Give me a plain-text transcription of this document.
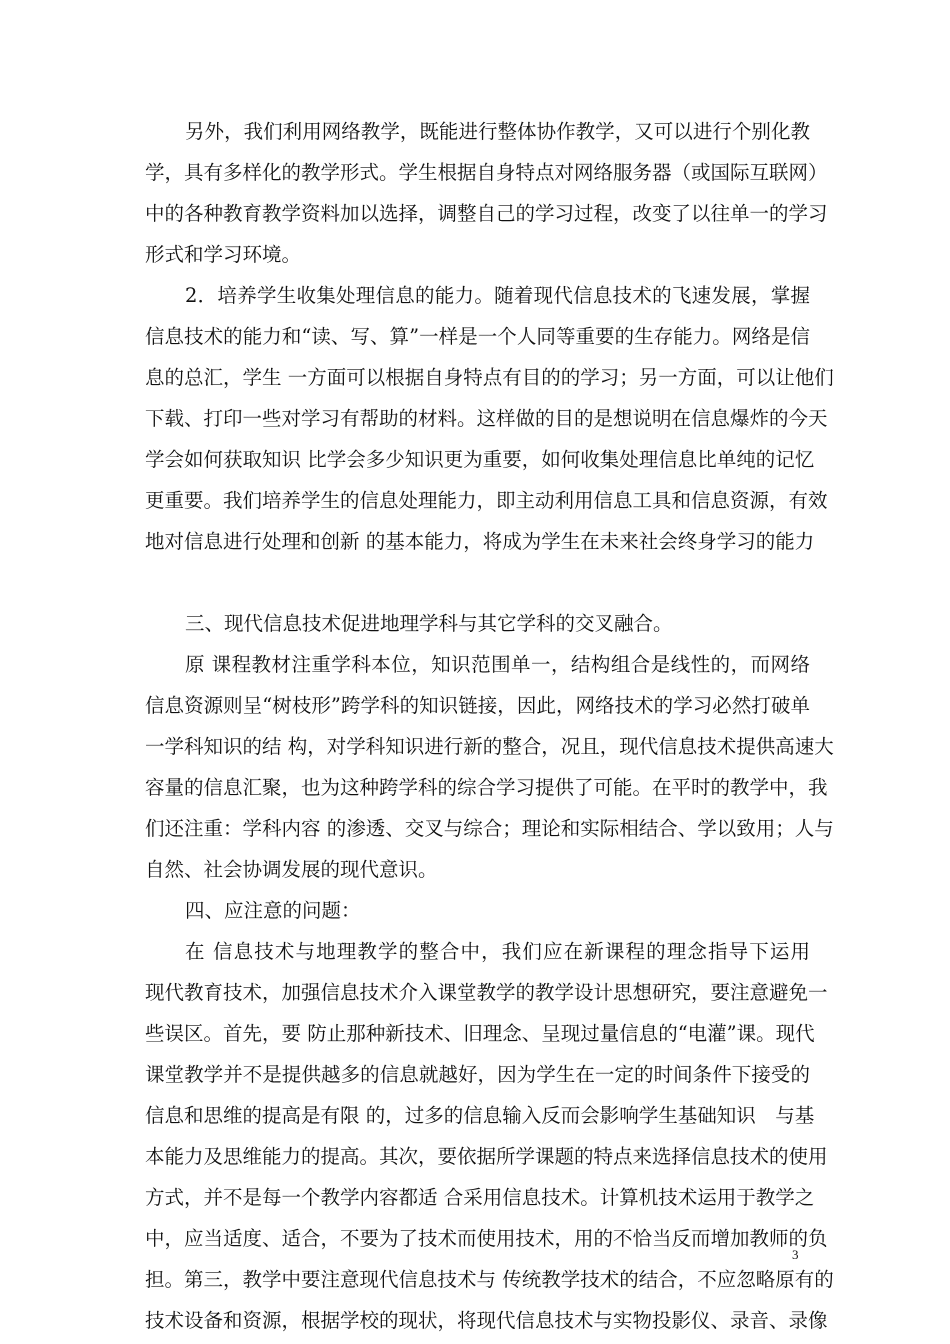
另外，我们利用网络教学，既能进行整体协作教学，又可以进行个别化教
学，具有多样化的教学形式。学生根据自身特点对网络服务器（或国际互联网）
中的各种教育教学资料加以选择，调整自己的学习过程，改变了以往单一的学习
形式和学习环境。
2．培养学生收集处理信息的能力。随着现代信息技术的飞速发展，掌握
信息技术的能力和“读、写、算”一样是一个人同等重要的生存能力。网络是信
息的总汇，学生 一方面可以根据自身特点有目的的学习；另一方面，可以让他们
下载、打印一些对学习有帮助的材料。这样做的目的是想说明在信息爆炸的今天
学会如何获取知识 比学会多少知识更为重要，如何收集处理信息比单纯的记忆
更重要。我们培养学生的信息处理能力，即主动利用信息工具和信息资源，有效
地对信息进行处理和创新 的基本能力，将成为学生在未来社会终身学习的能力
三、现代信息技术促进地理学科与其它学科的交叉融合。
原 课程教材注重学科本位，知识范围单一，结构组合是线性的，而网络
信息资源则呈“树枝形”跨学科的知识链接，因此，网络技术的学习必然打破单
一学科知识的结 构，对学科知识进行新的整合，况且，现代信息技术提供高速大
容量的信息汇聚，也为这种跨学科的综合学习提供了可能。在平时的教学中，我
们还注重：学科内容 的渗透、交叉与综合；理论和实际相结合、学以致用；人与
自然、社会协调发展的现代意识。
四、应注意的问题：
在 信息技术与地理教学的整合中，我们应在新课程的理念指导下运用
现代教育技术，加强信息技术介入课堂教学的教学设计思想研究，要注意避免一
些误区。首先，要 防止那种新技术、旧理念、呈现过量信息的“电灌”课。现代
课堂教学并不是提供越多的信息就越好，因为学生在一定的时间条件下接受的
信息和思维的提高是有限 的，过多的信息输入反而会影响学生基础知识　与基
本能力及思维能力的提高。其次，要依据所学课题的特点来选择信息技术的使用
方式，并不是每一个教学内容都适 合采用信息技术。计算机技术运用于教学之
中，应当适度、适合，不要为了技术而使用技术，用的不恰当反而增加教师的负
担。第三，教学中要注意现代信息技术与 传统教学技术的结合，不应忽略原有的
技术设备和资源，根据学校的现状，将现代信息技术与实物投影仪、录音、录像
3
